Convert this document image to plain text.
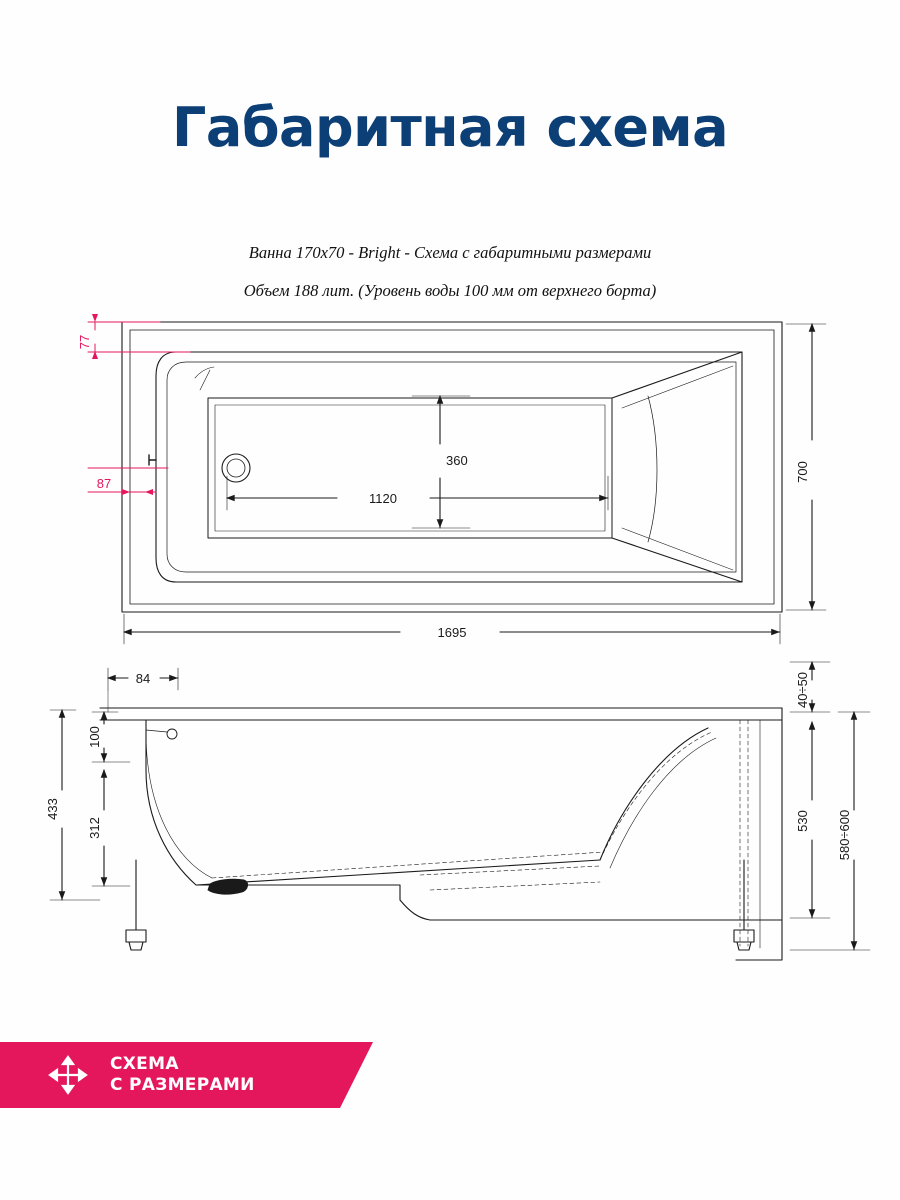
Габаритная схема
Ванна 170х70 - Bright - Схема с габаритными размерами
Объем 188 лит. (Уровень воды 100 мм от верхнего борта)
1120
360
700
1695
84
100
312
433
40÷50
530 580÷600
77
87
СХЕМА
С РАЗМЕРАМИ
